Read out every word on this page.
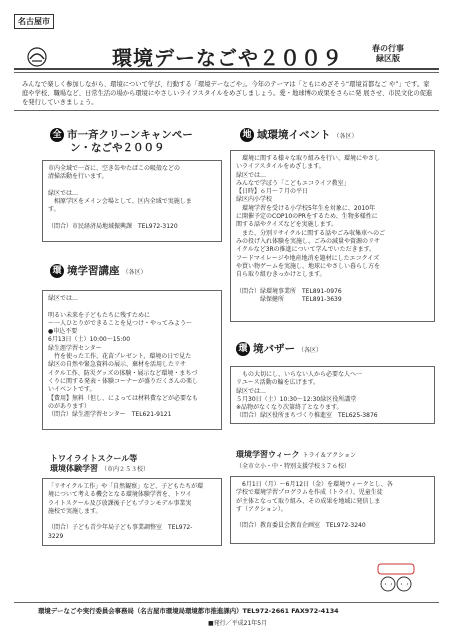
名古屋市
環境デーなごや２００９	春の行事
緑区版
みんなで楽しく参加しながら、環境について学び、行動する「環境デーなごや」。今年のテーマは「ともにめざそう“環境首都なご や”」です。家庭や学校、職場など、日常生活の場から環境にやさしいライフスタイルをめざしましょう。愛・地球博の成果をさらに発 展させ、市民文化の促進を発行していきましょう。
全 市一斉クリーンキャンペー
ン・なごや２００９

市内全域で一斉に、空き缶やたばこの吸殻などの

清掃活動を行います。

緑区では…

　相原学区をメイン会場として、区内全域で実施しま

す。

（問合）市民経済局地域振興課　TEL972-3120

地 域環境イベント （各区）

　環境に関する様々な取り組みを行い、環境にやさし

いライフスタイルをめざします。

緑区では…

みんなで学ぼう「こどもエコライフ教室」

【日時】６月～７月の平日

緑区内小学校

　環境学習を受ける小学校5年生を対象に、2010年

に開催予定のCOP10のPRをするため、生物多様性に

関する話やクイズなどを実施します。

　また、分別リサイクルに関する話やごみ収集車へのご

みの投げ入れ体験を実施し、ごみの減量や資源のリサ

イクルなど3Rの推進について学んでいただきます。

フードマイレージや地産地消を題材にしたエコクイズ

や買い物ゲームを実施し、地球にやさしい暮らし方を

自ら取り組むきっかけとします。

（問合）緑環境事業所　TEL891-0976

　　　　緑保健所　　　TEL891-3639

環 境学習講座 （各区）

緑区では…

明るい未来を子どもたちに残すために

～一人ひとりができることを見つけ・やってみよう～

●申込不要

6月13日（土）10:00～15:00

緑生涯学習センター

　竹を使った工作、花苗プレゼント、環境の日で見た

緑区の自然や緊急資料の展示、棄材を活用したリサ

イクル工作、防災グッズの体験・展示など環境・まちづ

くりに関する発表・体験コーナーが盛りだくさんの楽し

いイベントです。

【費用】無料（但し、によっては材料費などが必要なも

のがあります）

（問合）緑生涯学習センター　TEL621-9121

環 境バザー （各区）

　もの大切にし、いらない人から必要な人へ一

リユース活動の輪を広げます。

緑区では…

５月30日（土）10:30～12:30緑区役所講堂

※品物がなくなり次第終了となります。

（問合）緑区役所まちづくり推進室　TEL625-3876

トワイライトスクール等
環境体験学習 （市内２５３校）

「リサイクル工作」や「自然観察」など、子どもたちが環

境について考える機会となる環境体験学習を、トワイ

ライトスクール及び放課後子どもプランモデル事業実

施校で実施します。

（問合）子ども青少年局子ども事業調整室　TEL972-

3229

環境学習ウィーク トライ＆アクション
（全市立小・中・特別支援学校３７６校）

　6月1日（月）～6月12日（金）を環境ウィークとし、各

学校で環境学習プログラムを作成（トライ）、児童生徒

が主体となって取り組み、その成果を地域に発信しま

す（アクション）。

（問合）教育委員会教育企画室　TEL972-3240

環境デーなごや実行委員会事務局（名古屋市環境局環境都市推進課内）TEL972-2661 FAX972-4134
■発行／平成21年5月
